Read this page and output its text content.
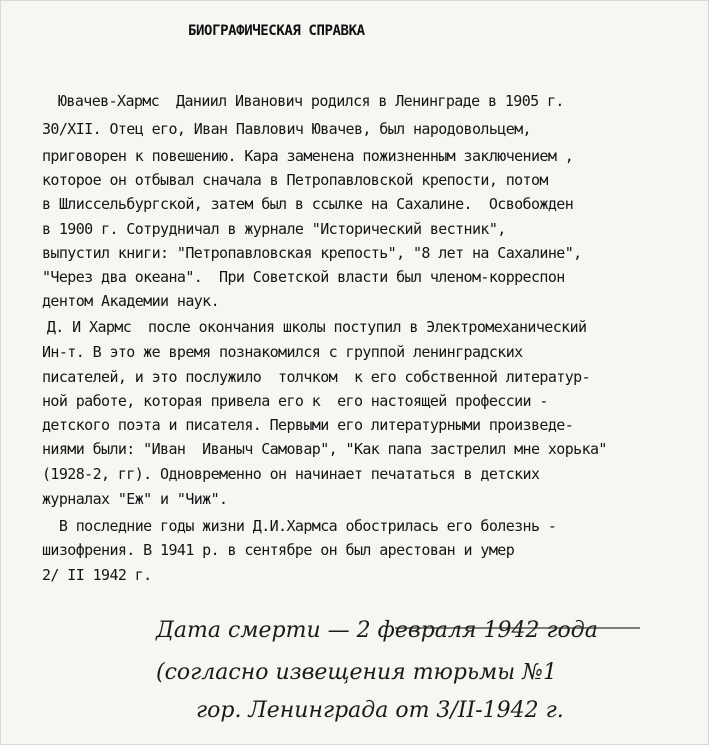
БИОГРАФИЧЕСКАЯ СПРАВКА
Ювачев-Хармс  Даниил Иванович родился в Ленинграде в 1905 г.
30/XII. Отец его, Иван Павлович Ювачев, был народовольцем,
приговорен к повешению. Кара заменена пожизненным заключением ,
которое он отбывал сначала в Петропавловской крепости, потом
в Шлиссельбургской, затем был в ссылке на Сахалине.  Освобожден
в 1900 г. Сотрудничал в журнале "Исторический вестник",
выпустил книги: "Петропавловская крепость", "8 лет на Сахалине",
"Через два океана".  При Советской власти был членом-корреспон
дентом Академии наук.
Д. И Хармс  после окончания школы поступил в Электромеханический
Ин-т. В это же время познакомился с группой ленинградских
писателей, и это послужило  толчком  к его собственной литератур-
ной работе, которая привела его к  его настоящей профессии -
детского поэта и писателя. Первыми его литературными произведе-
ниями были: "Иван  Иваныч Самовар", "Как папа застрелил мне хорька"
(1928-2, гг). Одновременно он начинает печататься в детских
журналах "Еж" и "Чиж".
В последние годы жизни Д.И.Хармса обострилась его болезнь -
шизофрения. В 1941 р. в сентябре он был арестован и умер
2/ II 1942 г.
Дата смерти — 2 февраля 1942 года
(согласно извещения тюрьмы №1
гор. Ленинграда от 3/II-1942 г.
